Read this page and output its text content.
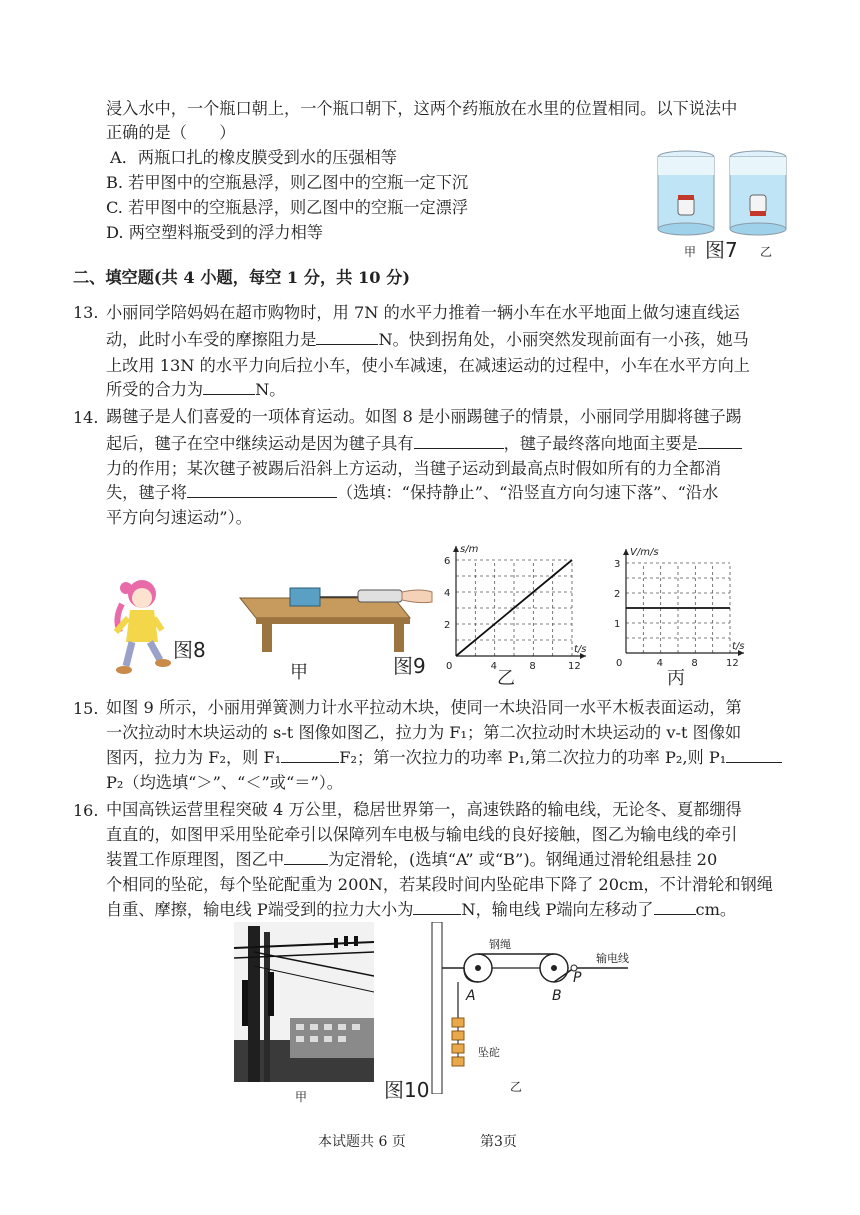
浸入水中，一个瓶口朝上，一个瓶口朝下，这两个药瓶放在水里的位置相同。以下说法中
正确的是（　　）
A．两瓶口扎的橡皮膜受到水的压强相等
B. 若甲图中的空瓶悬浮，则乙图中的空瓶一定下沉
C. 若甲图中的空瓶悬浮，则乙图中的空瓶一定漂浮
D. 两空塑料瓶受到的浮力相等
甲 图7 乙
二、填空题(共 4 小题，每空 1 分，共 10 分)
13. 小丽同学陪妈妈在超市购物时，用 7N 的水平力推着一辆小车在水平地面上做匀速直线运
动，此时小车受的摩擦阻力是	N。快到拐角处，小丽突然发现前面有一小孩，她马
上改用 13N 的水平力向后拉小车，使小车减速，在减速运动的过程中，小车在水平方向上
所受的合力为	N。
14. 踢毽子是人们喜爱的一项体育运动。如图 8 是小丽踢毽子的情景，小丽同学用脚将毽子踢
起后，毽子在空中继续运动是因为毽子具有	，毽子最终落向地面主要是
力的作用；某次毽子被踢后沿斜上方运动，当毽子运动到最高点时假如所有的力全都消
失，毽子将	（选填：“保持静止”、“沿竖直方向匀速下落”、“沿水
平方向匀速运动”）。
图8
甲	图9 0	4	8	12
2
4
6
t/s
s/m
乙
0	4	8	12
1
2
3
t/s
V/m/s
丙
15. 如图 9 所示，小丽用弹簧测力计水平拉动木块，使同一木块沿同一水平木板表面运动，第
一次拉动时木块运动的 s-t 图像如图乙，拉力为 F₁；第二次拉动时木块运动的 v-t 图像如
图丙，拉力为 F₂，则 F₁	F₂；第一次拉力的功率 P₁,第二次拉力的功率 P₂,则 P₁
P₂（均选填“＞”、“＜”或“＝”）。
16. 中国高铁运营里程突破 4 万公里，稳居世界第一，高速铁路的输电线，无论冬、夏都绷得
直直的，如图甲采用坠砣牵引以保障列车电极与输电线的良好接触，图乙为输电线的牵引
装置工作原理图，图乙中	为定滑轮，(选填“A” 或“B”)。钢绳通过滑轮组悬挂 20
个相同的坠砣，每个坠砣配重为 200N，若某段时间内坠砣串下降了 20cm，不计滑轮和钢绳
自重、摩擦，输电线 P端受到的拉力大小为	N，输电线 P端向左移动了	cm。
甲	图10
钢绳
输电线
A	B
P
坠砣
乙
本试题共 6 页	第3页
